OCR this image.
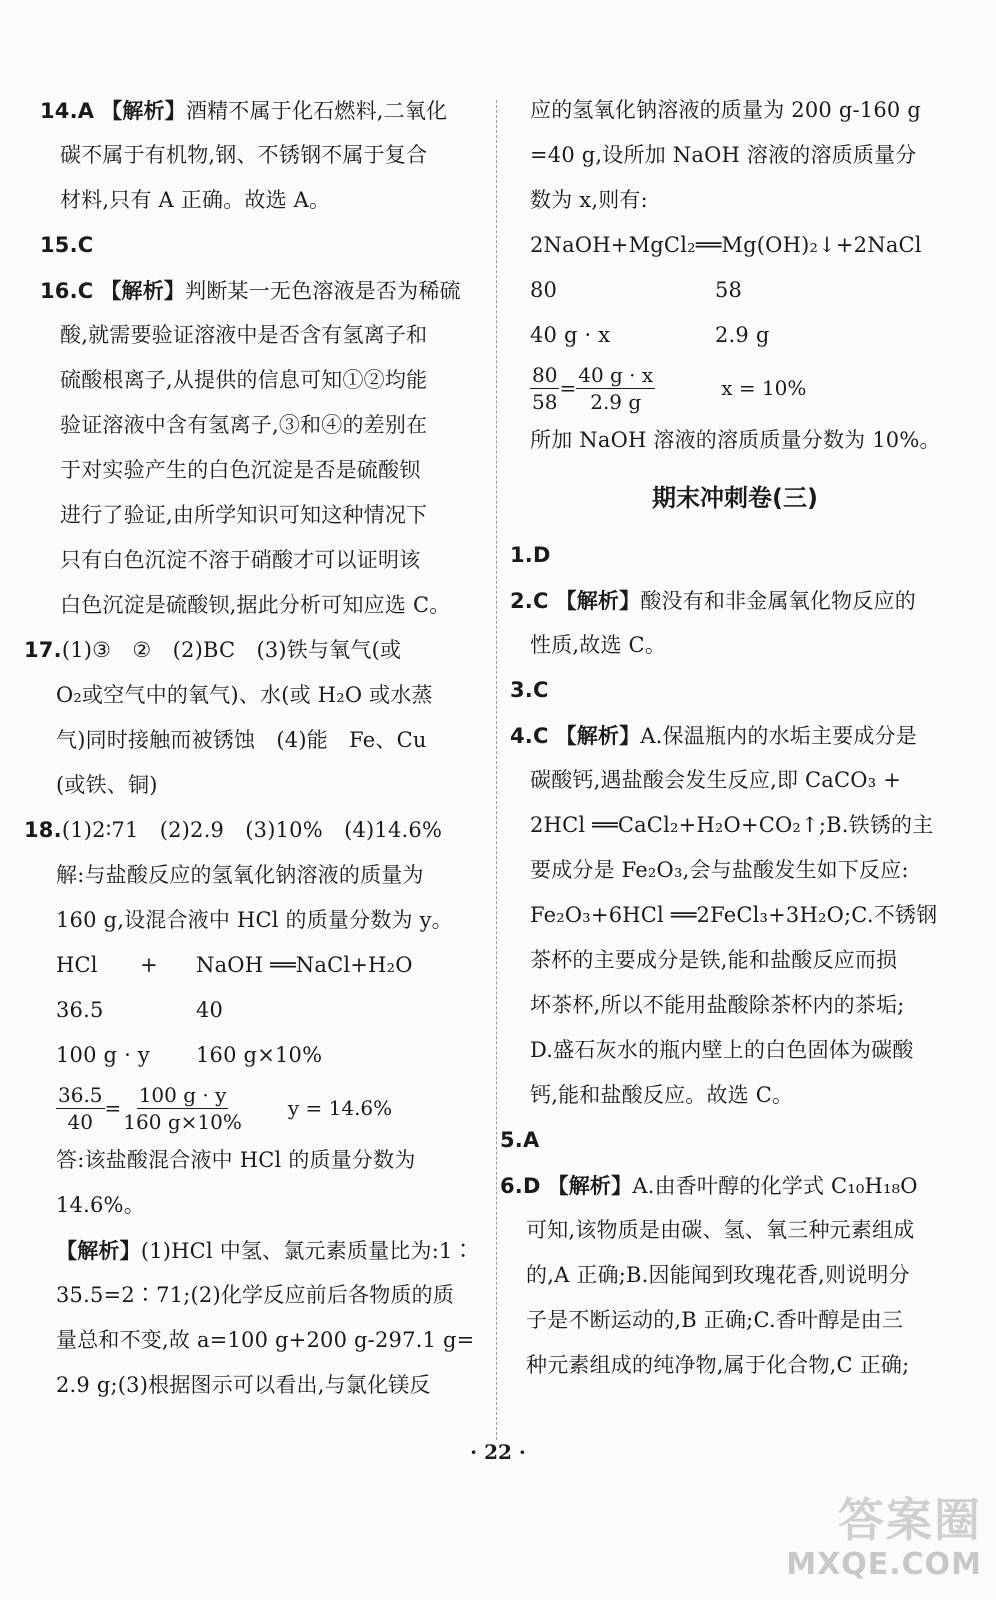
14.A 【解析】酒精不属于化石燃料,二氧化
碳不属于有机物,钢、不锈钢不属于复合
材料,只有 A 正确。故选 A。
15.C
16.C 【解析】判断某一无色溶液是否为稀硫
酸,就需要验证溶液中是否含有氢离子和
硫酸根离子,从提供的信息可知①②均能
验证溶液中含有氢离子,③和④的差别在
于对实验产生的白色沉淀是否是硫酸钡
进行了验证,由所学知识可知这种情况下
只有白色沉淀不溶于硝酸才可以证明该
白色沉淀是硫酸钡,据此分析可知应选 C。
17.(1)③　②　(2)BC　(3)铁与氧气(或
O₂或空气中的氧气)、水(或 H₂O 或水蒸
气)同时接触而被锈蚀　(4)能　Fe、Cu
(或铁、铜)
18.(1)2∶71　(2)2.9　(3)10%　(4)14.6%
解:与盐酸反应的氢氧化钠溶液的质量为
160 g,设混合液中 HCl 的质量分数为 y。
HCl　　+	NaOH ══NaCl+H₂O
36.5	40
100 g · y	160 g×10%
$\frac{36.5}{40} = \frac{100 g \cdot y}{160 g\times 10\%}$ y = 14.6%
答:该盐酸混合液中 HCl 的质量分数为
14.6%。
【解析】(1)HCl 中氢、氯元素质量比为:1∶
35.5=2∶71;(2)化学反应前后各物质的质
量总和不变,故 a=100 g+200 g-297.1 g=
2.9 g;(3)根据图示可以看出,与氯化镁反
应的氢氧化钠溶液的质量为 200 g-160 g
=40 g,设所加 NaOH 溶液的溶质质量分
数为 x,则有:
2NaOH+MgCl₂══Mg(OH)₂↓+2NaCl
80	58
40 g · x	2.9 g
$\frac{80}{58} = \frac{40 g \cdot x}{2.9 g}$	x = 10%
所加 NaOH 溶液的溶质质量分数为 10%。
期末冲刺卷(三)
1.D
2.C 【解析】酸没有和非金属氧化物反应的
性质,故选 C。
3.C
4.C 【解析】A.保温瓶内的水垢主要成分是
碳酸钙,遇盐酸会发生反应,即 CaCO₃ +
2HCl ══CaCl₂+H₂O+CO₂↑;B.铁锈的主
要成分是 Fe₂O₃,会与盐酸发生如下反应:
Fe₂O₃+6HCl ══2FeCl₃+3H₂O;C.不锈钢
茶杯的主要成分是铁,能和盐酸反应而损
坏茶杯,所以不能用盐酸除茶杯内的茶垢;
D.盛石灰水的瓶内壁上的白色固体为碳酸
钙,能和盐酸反应。故选 C。
5.A
6.D 【解析】A.由香叶醇的化学式 C₁₀H₁₈O
可知,该物质是由碳、氢、氧三种元素组成
的,A 正确;B.因能闻到玫瑰花香,则说明分
子是不断运动的,B 正确;C.香叶醇是由三
种元素组成的纯净物,属于化合物,C 正确;
· 22 ·
答案圈
MXQE.COM
